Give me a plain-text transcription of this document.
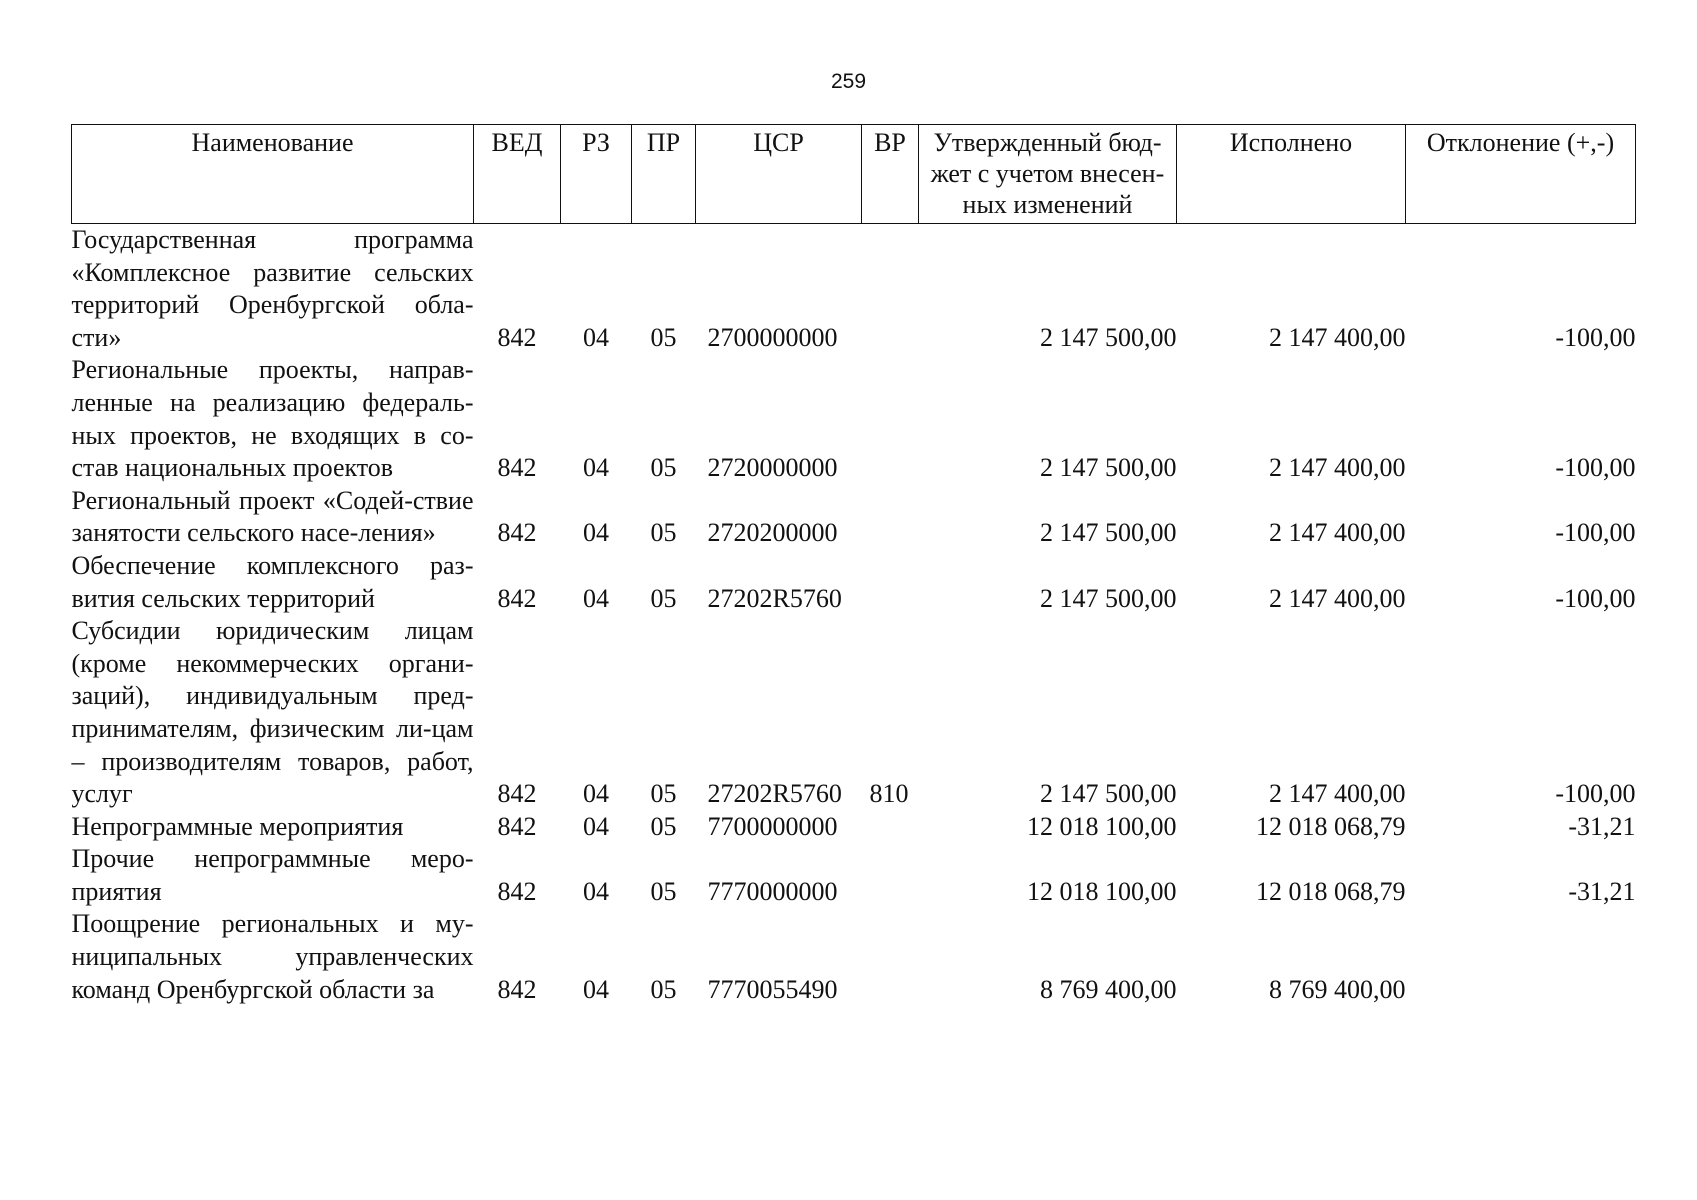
259
Наименование	ВЕД	РЗ	ПР	ЦСР	ВР	Утвержденный бюд-жет с учетом внесен-ных изменений	Исполнено	Отклонение (+,-)
Государственная программа «Комплексное развитие сельских территорий Оренбургской обла-сти»	842	04	05	2700000000		2 147 500,00	2 147 400,00	-100,00
Региональные проекты, направ-ленные на реализацию федераль-ных проектов, не входящих в со-став национальных проектов	842	04	05	2720000000		2 147 500,00	2 147 400,00	-100,00
Региональный проект «Содей-ствие занятости сельского насе-ления»	842	04	05	2720200000		2 147 500,00	2 147 400,00	-100,00
Обеспечение комплексного раз-вития сельских территорий	842	04	05	27202R5760		2 147 500,00	2 147 400,00	-100,00
Субсидии юридическим лицам (кроме некоммерческих органи-заций), индивидуальным пред-принимателям, физическим ли-цам – производителям товаров, работ, услуг	842	04	05	27202R5760	810	2 147 500,00	2 147 400,00	-100,00
Непрограммные мероприятия	842	04	05	7700000000		12 018 100,00	12 018 068,79	-31,21
Прочие непрограммные меро-приятия	842	04	05	7770000000		12 018 100,00	12 018 068,79	-31,21
Поощрение региональных и му-ниципальных управленческих команд Оренбургской области за	842	04	05	7770055490		8 769 400,00	8 769 400,00	
